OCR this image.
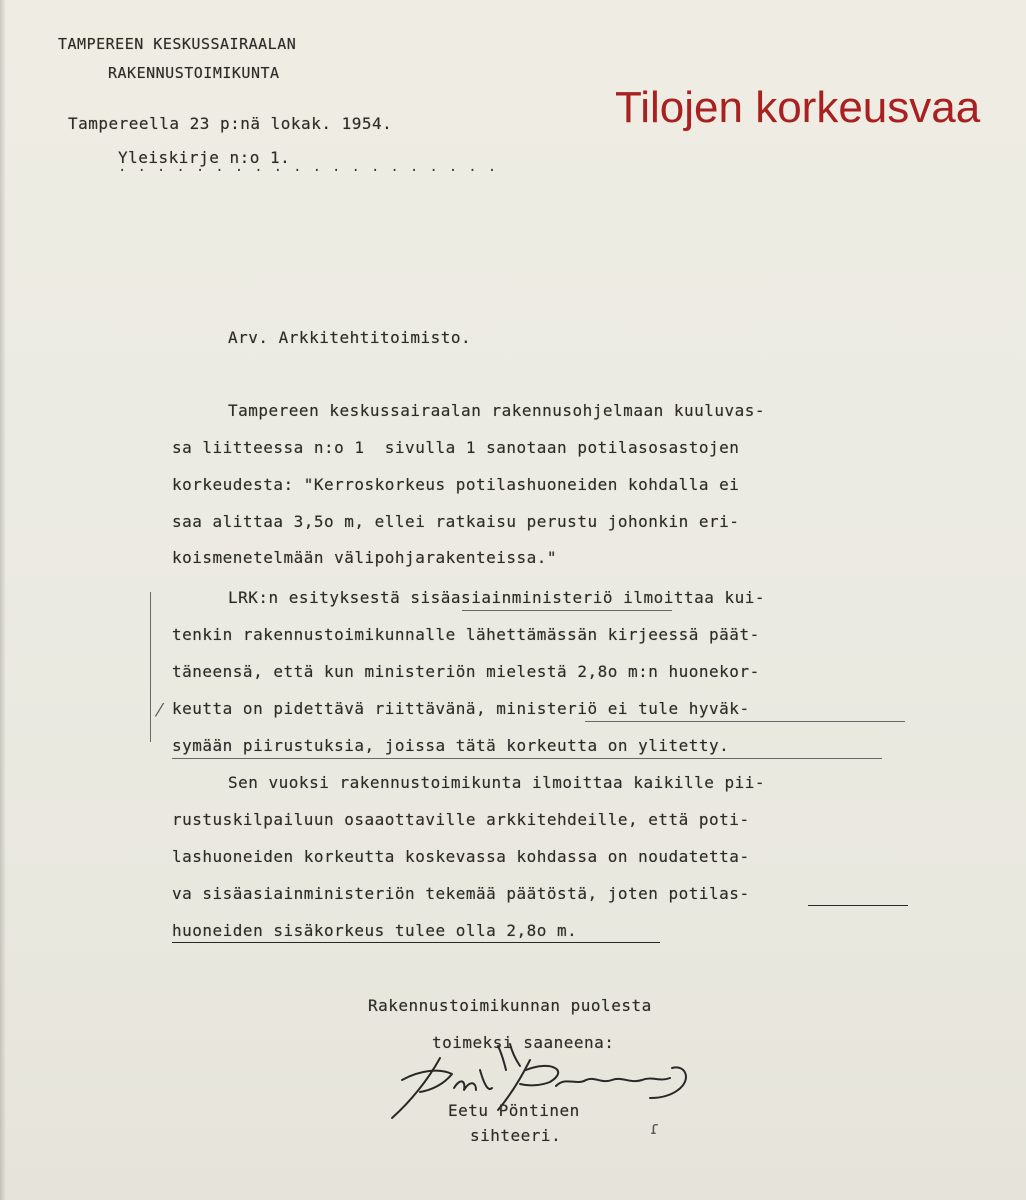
TAMPEREEN KESKUSSAIRAALAN
RAKENNUSTOIMIKUNTA
Tampereella 23 p:nä lokak. 1954.
Yleiskirje n:o 1.
· · · · · · · · · · · · · · · · · · · ·
Tilojen korkeusvaa
Arv. Arkkitehtitoimisto.
Tampereen keskussairaalan rakennusohjelmaan kuuluvas-
sa liitteessa n:o 1  sivulla 1 sanotaan potilasosastojen
korkeudesta: "Kerroskorkeus potilashuoneiden kohdalla ei
saa alittaa 3,5o m, ellei ratkaisu perustu johonkin eri-
koismenetelmään välipohjarakenteissa."
LRK:n esityksestä sisäasiainministeriö ilmoittaa kui-
tenkin rakennustoimikunnalle lähettämässän kirjeessä päät-
täneensä, että kun ministeriön mielestä 2,8o m:n huonekor-
keutta on pidettävä riittävänä, ministeriö ei tule hyväk-
symään piirustuksia, joissa tätä korkeutta on ylitetty.
⁄
Sen vuoksi rakennustoimikunta ilmoittaa kaikille pii-
rustuskilpailuun osaaottaville arkkitehdeille, että poti-
lashuoneiden korkeutta koskevassa kohdassa on noudatetta-
va sisäasiainministeriön tekemää päätöstä, joten potilas-
huoneiden sisäkorkeus tulee olla 2,8o m.
Rakennustoimikunnan puolesta
toimeksi saaneena:
Eetu Pöntinen
sihteeri.	ɾ
